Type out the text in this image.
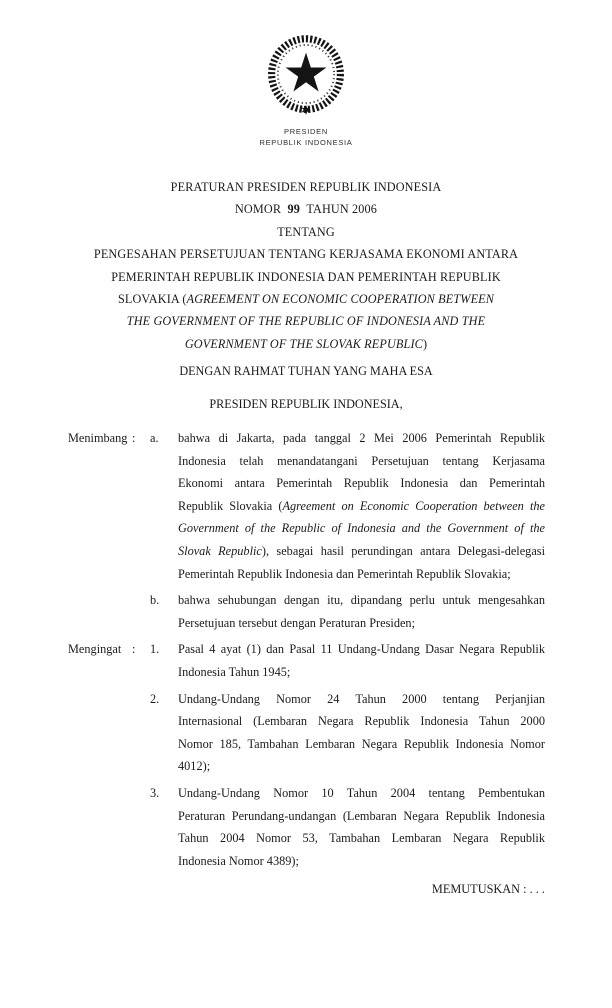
PRESIDEN
REPUBLIK INDONESIA
PERATURAN PRESIDEN REPUBLIK INDONESIA
NOMOR  99  TAHUN 2006
TENTANG
PENGESAHAN PERSETUJUAN TENTANG KERJASAMA EKONOMI ANTARA
PEMERINTAH REPUBLIK INDONESIA DAN PEMERINTAH REPUBLIK
SLOVAKIA (AGREEMENT ON ECONOMIC COOPERATION BETWEEN
THE GOVERNMENT OF THE REPUBLIC OF INDONESIA AND THE
GOVERNMENT OF THE SLOVAK REPUBLIC)
DENGAN RAHMAT TUHAN YANG MAHA ESA
PRESIDEN REPUBLIK INDONESIA,
Menimbang :	a.	bahwa di Jakarta, pada tanggal 2 Mei 2006 Pemerintah Republik
Indonesia telah menandatangani Persetujuan tentang Kerjasama
Ekonomi antara Pemerintah Republik Indonesia dan Pemerintah
Republik Slovakia (Agreement on Economic Cooperation between the
Government of the Republic of Indonesia and the Government of the
Slovak Republic), sebagai hasil perundingan antara Delegasi-delegasi
Pemerintah Republik Indonesia dan Pemerintah Republik Slovakia;
b.	bahwa sehubungan dengan itu, dipandang perlu untuk mengesahkan
Persetujuan tersebut dengan Peraturan Presiden;
Mengingat :	1.	Pasal 4 ayat (1) dan Pasal 11 Undang-Undang Dasar Negara Republik
Indonesia Tahun 1945;
2.	Undang-Undang Nomor 24 Tahun 2000 tentang Perjanjian
Internasional (Lembaran Negara Republik Indonesia Tahun 2000
Nomor 185, Tambahan Lembaran Negara Republik Indonesia Nomor
4012);
3.	Undang-Undang Nomor 10 Tahun 2004 tentang Pembentukan
Peraturan Perundang-undangan (Lembaran Negara Republik Indonesia
Tahun 2004 Nomor 53, Tambahan Lembaran Negara Republik
Indonesia Nomor 4389);
MEMUTUSKAN : . . .
